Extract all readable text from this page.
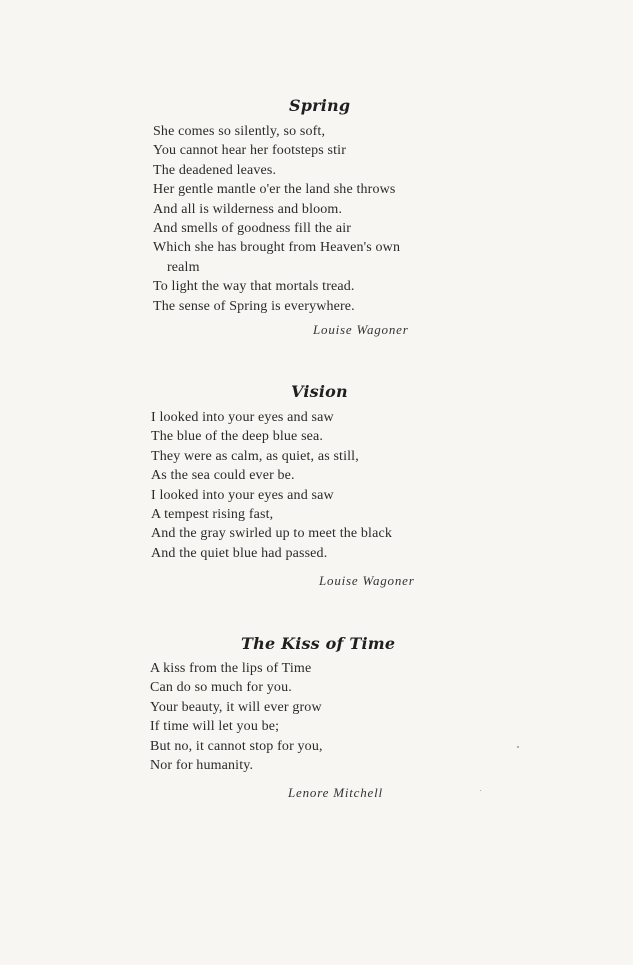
Spring
She comes so silently, so soft,
You cannot hear her footsteps stir
The deadened leaves.
Her gentle mantle o'er the land she throws
And all is wilderness and bloom.
And smells of goodness fill the air
Which she has brought from Heaven's own
realm
To light the way that mortals tread.
The sense of Spring is everywhere.
Louise Wagoner
Vision
I looked into your eyes and saw
The blue of the deep blue sea.
They were as calm, as quiet, as still,
As the sea could ever be.
I looked into your eyes and saw
A tempest rising fast,
And the gray swirled up to meet the black
And the quiet blue had passed.
Louise Wagoner
The Kiss of Time
A kiss from the lips of Time
Can do so much for you.
Your beauty, it will ever grow
If time will let you be;
But no, it cannot stop for you,
Nor for humanity.
Lenore Mitchell
